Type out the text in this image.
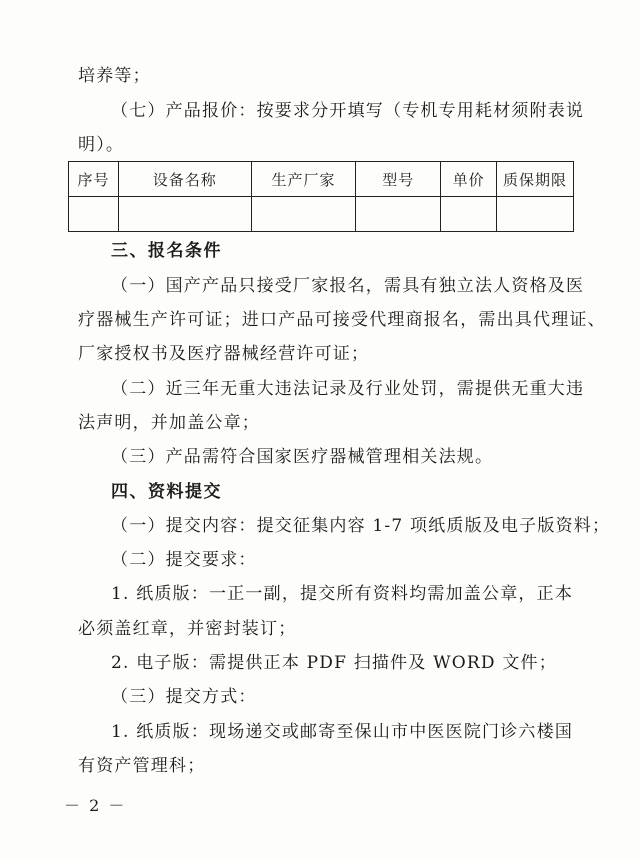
培养等；
（七）产品报价：按要求分开填写（专机专用耗材须附表说
明）。
序号	设备名称	生产厂家	型号	单价	质保期限

三、报名条件
（一）国产产品只接受厂家报名，需具有独立法人资格及医
疗器械生产许可证；进口产品可接受代理商报名，需出具代理证、
厂家授权书及医疗器械经营许可证；
（二）近三年无重大违法记录及行业处罚，需提供无重大违
法声明，并加盖公章；
（三）产品需符合国家医疗器械管理相关法规。
四、资料提交
（一）提交内容：提交征集内容 1-7 项纸质版及电子版资料；
（二）提交要求：
1. 纸质版：一正一副，提交所有资料均需加盖公章，正本
必须盖红章，并密封装订；
2. 电子版：需提供正本 PDF 扫描件及 WORD 文件；
（三）提交方式：
1. 纸质版：现场递交或邮寄至保山市中医医院门诊六楼国
有资产管理科；
－ 2 －
